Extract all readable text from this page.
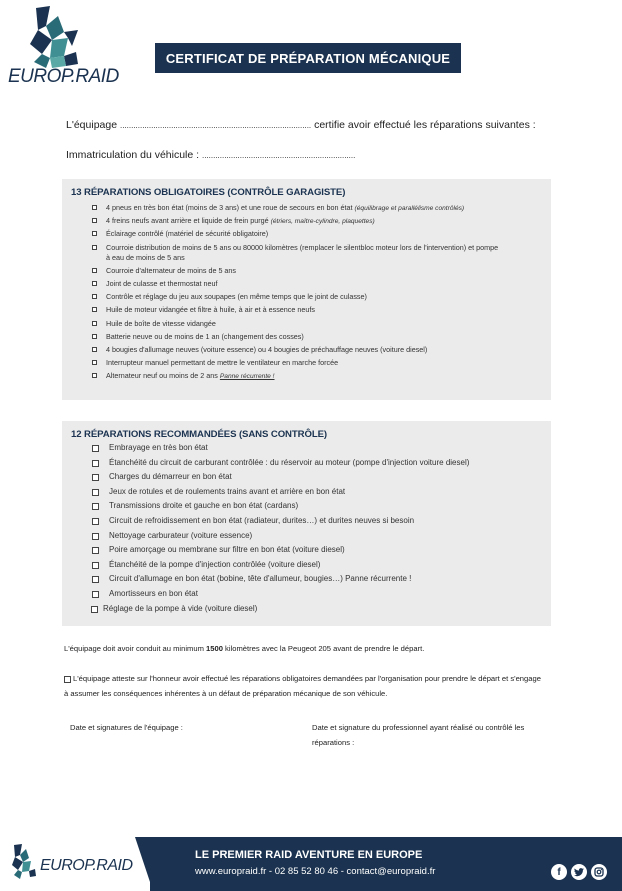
EUROP.RAID
CERTIFICAT DE PRÉPARATION MÉCANIQUE
L'équipage ...................................................................................... certifie avoir effectué les réparations suivantes :
Immatriculation du véhicule : .....................................................................
13 RÉPARATIONS OBLIGATOIRES (CONTRÔLE GARAGISTE)
4 pneus en très bon état (moins de 3 ans) et une roue de secours en bon état (équilibrage et parallélisme contrôlés)
4 freins neufs avant arrière et liquide de frein purgé (étriers, maître-cylindre, plaquettes)
Éclairage contrôlé (matériel de sécurité obligatoire)
Courroie distribution de moins de 5 ans ou 80000 kilomètres (remplacer le silentbloc moteur lors de l'intervention) et pompe
à eau de moins de 5 ans
Courroie d'alternateur de moins de 5 ans
Joint de culasse et thermostat neuf
Contrôle et réglage du jeu aux soupapes (en même temps que le joint de culasse)
Huile de moteur vidangée et filtre à huile, à air et à essence neufs
Huile de boîte de vitesse vidangée
Batterie neuve ou de moins de 1 an (changement des cosses)
4 bougies d'allumage neuves (voiture essence) ou 4 bougies de préchauffage neuves (voiture diesel)
Interrupteur manuel permettant de mettre le ventilateur en marche forcée
Alternateur neuf ou moins de 2 ans Panne récurrente !
12 RÉPARATIONS RECOMMANDÉES (SANS CONTRÔLE)
Embrayage en très bon état
Étanchéité du circuit de carburant contrôlée : du réservoir au moteur (pompe d'injection voiture diesel)
Charges du démarreur en bon état
Jeux de rotules et de roulements trains avant et arrière en bon état
Transmissions droite et gauche en bon état (cardans)
Circuit de refroidissement en bon état (radiateur, durites…) et durites neuves si besoin
Nettoyage carburateur (voiture essence)
Poire amorçage ou membrane sur filtre en bon état (voiture diesel)
Étanchéité de la pompe d'injection contrôlée (voiture diesel)
Circuit d'allumage en bon état (bobine, tête d'allumeur, bougies…) Panne récurrente !
Amortisseurs en bon état
Réglage de la pompe à vide (voiture diesel)
L'équipage doit avoir conduit au minimum 1500 kilomètres avec la Peugeot 205 avant de prendre le départ.
L'équipage atteste sur l'honneur avoir effectué les réparations obligatoires demandées par l'organisation pour prendre le départ et s'engage
à assumer les conséquences inhérentes à un défaut de préparation mécanique de son véhicule.
Date et signatures de l'équipage :	Date et signature du professionnel ayant réalisé ou contrôlé les
réparations :
EUROP.RAID
LE PREMIER RAID AVENTURE EN EUROPE
www.europraid.fr - 02 85 52 80 46 - contact@europraid.fr	f
